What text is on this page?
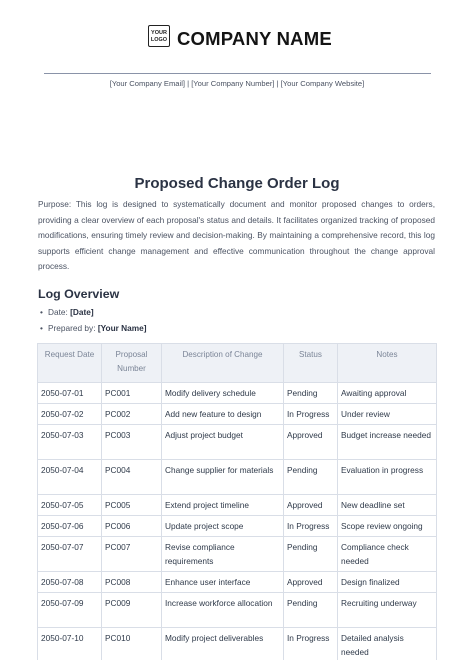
YOUR
LOGO COMPANY NAME
[Your Company Email] | [Your Company Number] | [Your Company Website]
Proposed Change Order Log
Purpose: This log is designed to systematically document and monitor proposed changes to orders, providing a clear overview of each proposal's status and details. It facilitates organized tracking of proposed modifications, ensuring timely review and decision-making. By maintaining a comprehensive record, this log supports efficient change management and effective communication throughout the change approval process.
Log Overview
• Date: [Date]
• Prepared by: [Your Name]
Request Date	Proposal Number	Description of Change	Status	Notes
2050-07-01	PC001	Modify delivery schedule	Pending	Awaiting approval
2050-07-02	PC002	Add new feature to design	In Progress	Under review
2050-07-03	PC003	Adjust project budget	Approved	Budget increase needed
2050-07-04	PC004	Change supplier for materials	Pending	Evaluation in progress
2050-07-05	PC005	Extend project timeline	Approved	New deadline set
2050-07-06	PC006	Update project scope	In Progress	Scope review ongoing
2050-07-07	PC007	Revise compliance requirements	Pending	Compliance check needed
2050-07-08	PC008	Enhance user interface	Approved	Design finalized
2050-07-09	PC009	Increase workforce allocation	Pending	Recruiting underway
2050-07-10	PC010	Modify project deliverables	In Progress	Detailed analysis needed
